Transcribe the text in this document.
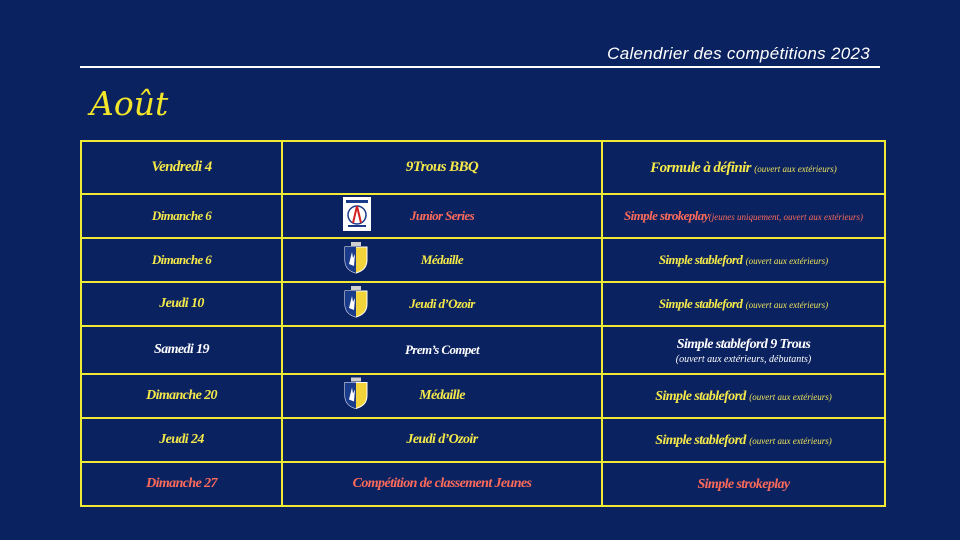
Calendrier des compétitions 2023
Août
Vendredi 4	9Trous BBQ	Formule à définir (ouvert aux extérieurs)
Dimanche 6	Junior Series	Simple strokeplay(jeunes uniquement, ouvert aux extérieurs)
Dimanche 6	Médaille	Simple stableford (ouvert aux extérieurs)
Jeudi 10	Jeudi d’Ozoir	Simple stableford (ouvert aux extérieurs)
Samedi 19	Prem’s Compet	Simple stableford 9 Trous
(ouvert aux extérieurs, débutants)

Dimanche 20	Médaille	Simple stableford (ouvert aux extérieurs)
Jeudi 24	Jeudi d’Ozoir	Simple stableford (ouvert aux extérieurs)
Dimanche 27	Compétition de classement Jeunes	Simple strokeplay
